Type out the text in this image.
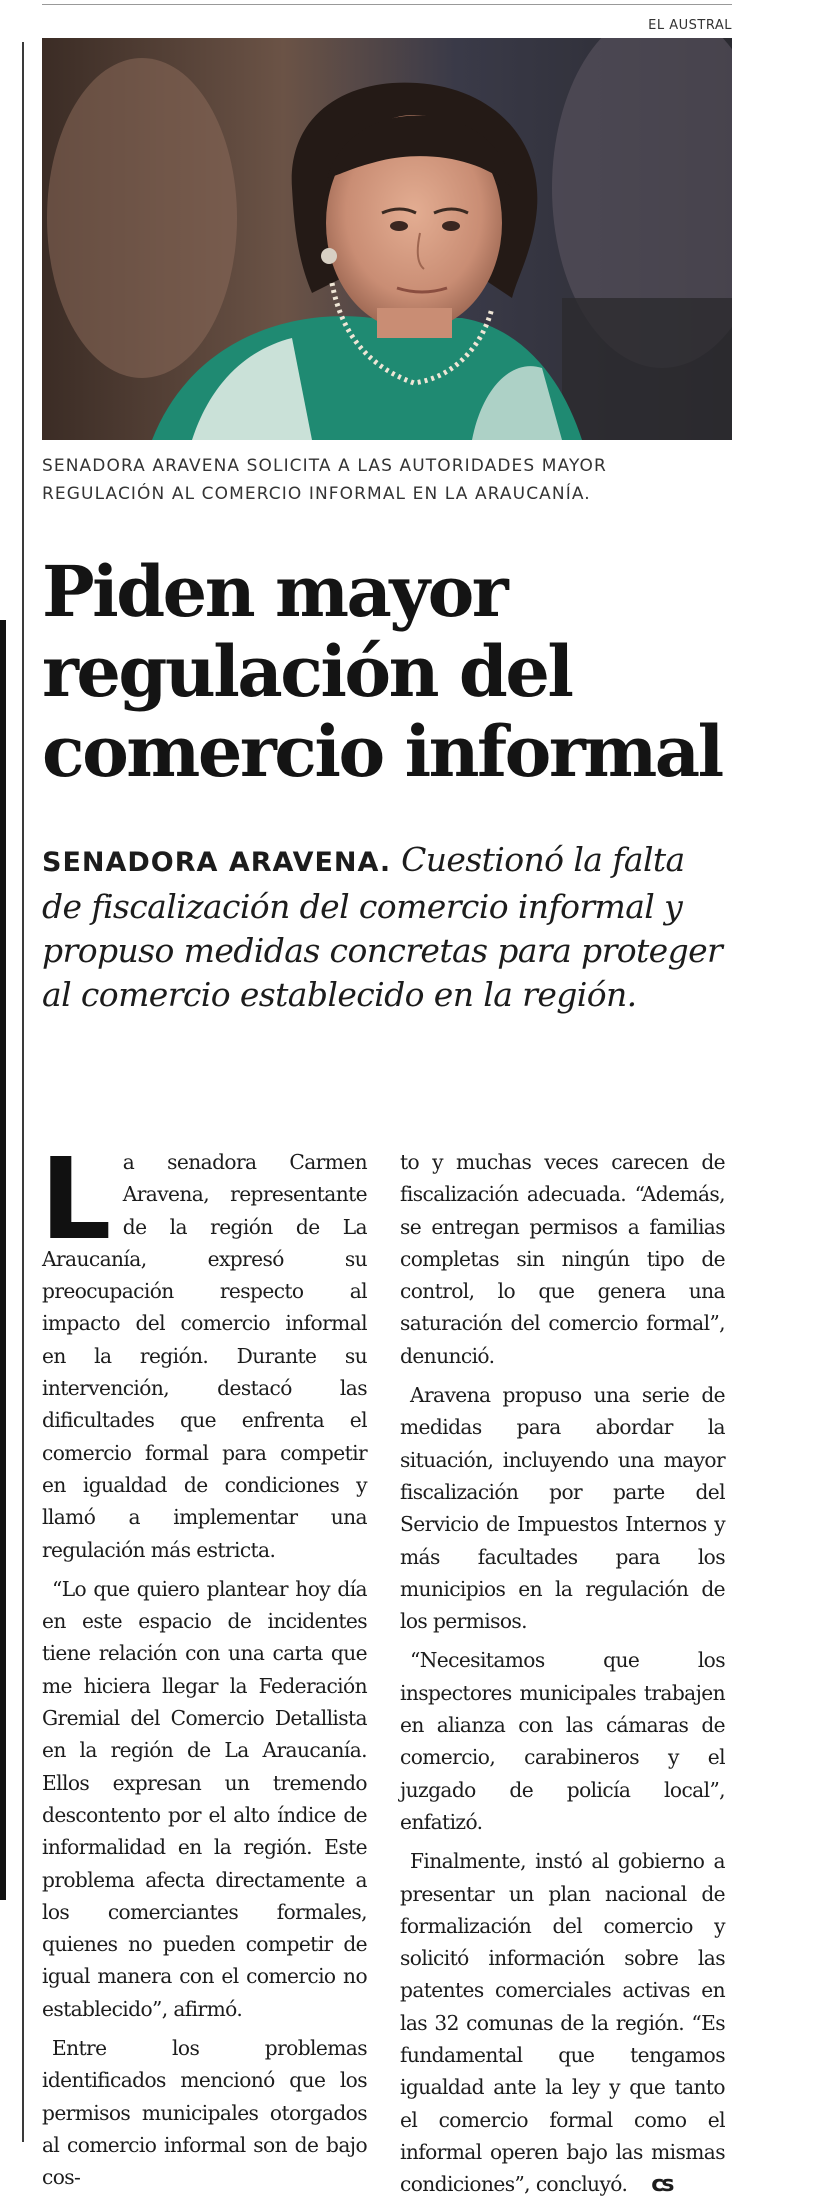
EL AUSTRAL
SENADORA ARAVENA SOLICITA A LAS AUTORIDADES MAYOR REGULACIÓN AL COMERCIO INFORMAL EN LA ARAUCANÍA.
Piden mayor
regulación del
comercio informal
SENADORA ARAVENA. Cuestionó la falta de fiscalización del comercio informal y propuso medidas concretas para proteger al comercio establecido en la región.

La senadora Carmen Aravena, representante de la región de La Araucanía, expresó su preocupación respecto al impacto del comercio informal en la región. Durante su intervención, destacó las dificultades que enfrenta el comercio formal para competir en igualdad de condiciones y llamó a implementar una regulación más estricta.

“Lo que quiero plantear hoy día en este espacio de incidentes tiene relación con una carta que me hiciera llegar la Federación Gremial del Comercio Detallista en la región de La Araucanía. Ellos expresan un tremendo descontento por el alto índice de informalidad en la región. Este problema afecta directamente a los comerciantes formales, quienes no pueden competir de igual manera con el comercio no establecido”, afirmó.

Entre los problemas identificados mencionó que los permisos municipales otorgados al comercio informal son de bajo cos-

to y muchas veces carecen de fiscalización adecuada. “Además, se entregan permisos a familias completas sin ningún tipo de control, lo que genera una saturación del comercio formal”, denunció.

Aravena propuso una serie de medidas para abordar la situación, incluyendo una mayor fiscalización por parte del Servicio de Impuestos Internos y más facultades para los municipios en la regulación de los permisos.

“Necesitamos que los inspectores municipales trabajen en alianza con las cámaras de comercio, carabineros y el juzgado de policía local”, enfatizó.

Finalmente, instó al gobierno a presentar un plan nacional de formalización del comercio y solicitó información sobre las patentes comerciales activas en las 32 comunas de la región. “Es fundamental que tengamos igualdad ante la ley y que tanto el comercio formal como el informal operen bajo las mismas condiciones”, concluyó. cs
